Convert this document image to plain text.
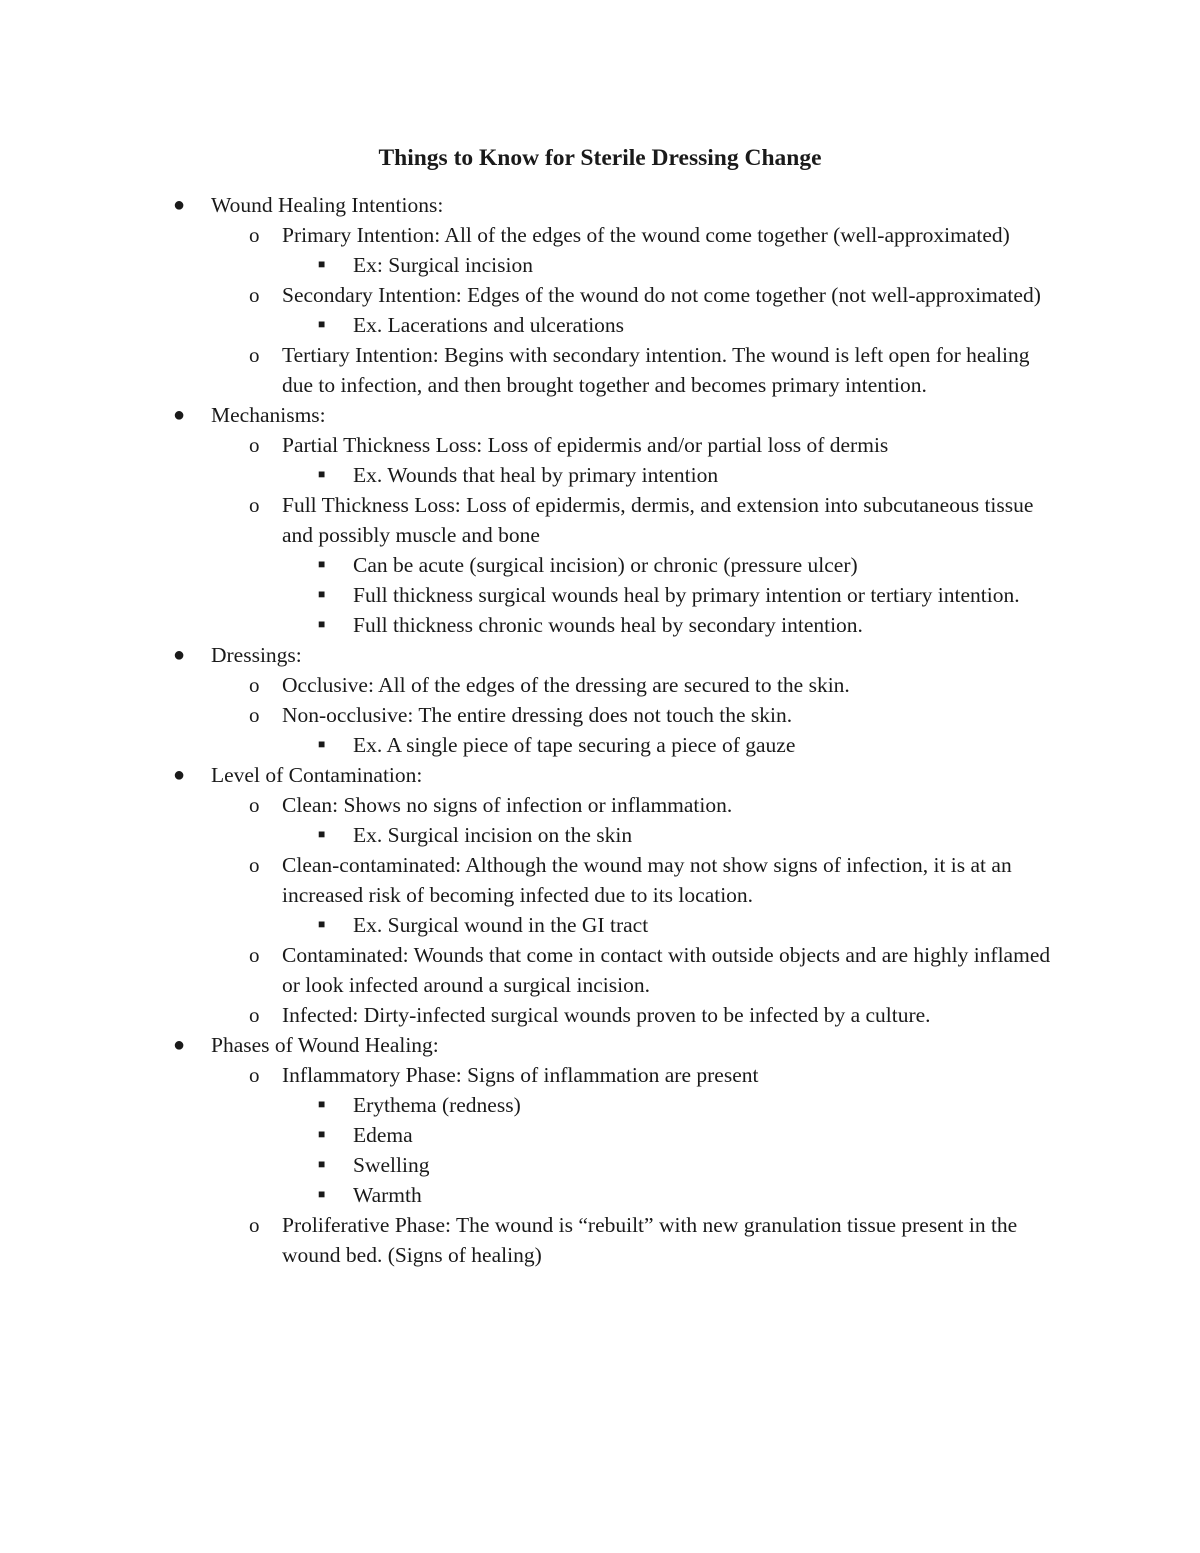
Things to Know for Sterile Dressing Change
● Wound Healing Intentions:
o Primary Intention: All of the edges of the wound come together (well-approximated)
■ Ex: Surgical incision
o Secondary Intention: Edges of the wound do not come together (not well-approximated)
■ Ex. Lacerations and ulcerations
o Tertiary Intention: Begins with secondary intention. The wound is left open for healing due to infection, and then brought together and becomes primary intention.
● Mechanisms:
o Partial Thickness Loss: Loss of epidermis and/or partial loss of dermis
■ Ex. Wounds that heal by primary intention
o Full Thickness Loss: Loss of epidermis, dermis, and extension into subcutaneous tissue and possibly muscle and bone
■ Can be acute (surgical incision) or chronic (pressure ulcer)
■ Full thickness surgical wounds heal by primary intention or tertiary intention.
■ Full thickness chronic wounds heal by secondary intention.
● Dressings:
o Occlusive: All of the edges of the dressing are secured to the skin.
o Non-occlusive: The entire dressing does not touch the skin.
■ Ex. A single piece of tape securing a piece of gauze
● Level of Contamination:
o Clean: Shows no signs of infection or inflammation.
■ Ex. Surgical incision on the skin
o Clean-contaminated: Although the wound may not show signs of infection, it is at an increased risk of becoming infected due to its location.
■ Ex. Surgical wound in the GI tract
o Contaminated: Wounds that come in contact with outside objects and are highly inflamed or look infected around a surgical incision.
o Infected: Dirty-infected surgical wounds proven to be infected by a culture.
● Phases of Wound Healing:
o Inflammatory Phase: Signs of inflammation are present
■ Erythema (redness)
■ Edema
■ Swelling
■ Warmth
o Proliferative Phase: The wound is “rebuilt” with new granulation tissue present in the wound bed. (Signs of healing)
